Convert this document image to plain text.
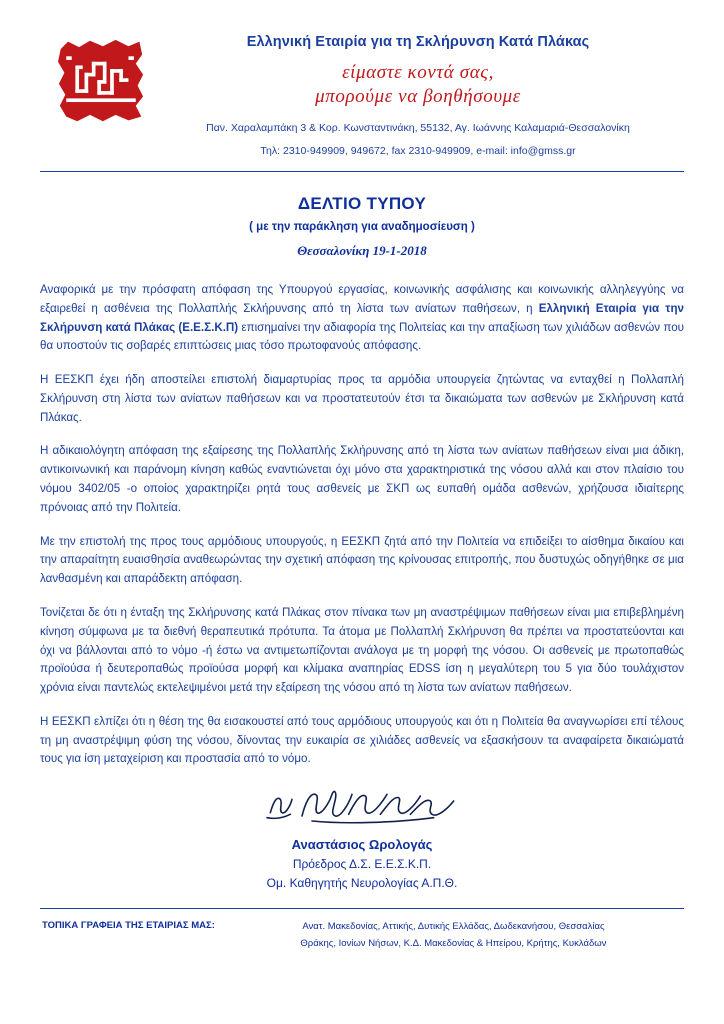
Ελληνική Εταιρία για τη Σκλήρυνση Κατά Πλάκας
είμαστε κοντά σας,
μπορούμε να βοηθήσουμε
Παν. Χαραλαμπάκη 3 & Κορ. Κωνσταντινάκη, 55132, Αγ. Ιωάννης Καλαμαριά-Θεσσαλονίκη
Τηλ: 2310-949909, 949672, fax 2310-949909, e-mail: info@gmss.gr
ΔΕΛΤΙΟ ΤΥΠΟΥ
( με την παράκληση για αναδημοσίευση )
Θεσσαλονίκη 19-1-2018

Αναφορικά με την πρόσφατη απόφαση της Υπουργού εργασίας, κοινωνικής ασφάλισης και κοινωνικής αλληλεγγύης να εξαιρεθεί η ασθένεια της Πολλαπλής Σκλήρυνσης από τη λίστα των ανίατων παθήσεων, η Ελληνική Εταιρία για την Σκλήρυνση κατά Πλάκας (Ε.Ε.Σ.Κ.Π) επισημαίνει την αδιαφορία της Πολιτείας και την απαξίωση των χιλιάδων ασθενών που θα υποστούν τις σοβαρές επιπτώσεις μιας τόσο πρωτοφανούς απόφασης.

Η ΕΕΣΚΠ έχει ήδη αποστείλει επιστολή διαμαρτυρίας προς τα αρμόδια υπουργεία ζητώντας να ενταχθεί η Πολλαπλή Σκλήρυνση στη λίστα των ανίατων παθήσεων και να προστατευτούν έτσι τα δικαιώματα των ασθενών με Σκλήρυνση κατά Πλάκας.

Η αδικαιολόγητη απόφαση της εξαίρεσης της Πολλαπλής Σκλήρυνσης από τη λίστα των ανίατων παθήσεων είναι μια άδικη, αντικοινωνική και παράνομη κίνηση καθώς εναντιώνεται όχι μόνο στα χαρακτηριστικά της νόσου αλλά και στον πλαίσιο του νόμου 3402/05 -ο οποίος χαρακτηρίζει ρητά τους ασθενείς με ΣΚΠ ως ευπαθή ομάδα ασθενών, χρήζουσα ιδιαίτερης πρόνοιας από την Πολιτεία.

Με την επιστολή της προς τους αρμόδιους υπουργούς, η ΕΕΣΚΠ ζητά από την Πολιτεία να επιδείξει το αίσθημα δικαίου και την απαραίτητη ευαισθησία αναθεωρώντας την σχετική απόφαση της κρίνουσας επιτροπής, που δυστυχώς οδηγήθηκε σε μια λανθασμένη και απαράδεκτη απόφαση.

Τονίζεται δε ότι η ένταξη της Σκλήρυνσης κατά Πλάκας στον πίνακα των μη αναστρέψιμων παθήσεων είναι μια επιβεβλημένη κίνηση σύμφωνα με τα διεθνή θεραπευτικά πρότυπα. Τα άτομα με Πολλαπλή Σκλήρυνση θα πρέπει να προστατεύονται και όχι να βάλλονται από το νόμο -ή έστω να αντιμετωπίζονται ανάλογα με τη μορφή της νόσου. Οι ασθενείς με πρωτοπαθώς προϊούσα ή δευτεροπαθώς προϊούσα μορφή και κλίμακα αναπηρίας EDSS ίση η μεγαλύτερη του 5 για δύο τουλάχιστον χρόνια είναι παντελώς εκτελεψιμένοι μετά την εξαίρεση της νόσου από τη λίστα των ανίατων παθήσεων.

Η ΕΕΣΚΠ ελπίζει ότι η θέση της θα εισακουστεί από τους αρμόδιους υπουργούς και ότι η Πολιτεία θα αναγνωρίσει επί τέλους τη μη αναστρέψιμη φύση της νόσου, δίνοντας την ευκαιρία σε χιλιάδες ασθενείς να εξασκήσουν τα αναφαίρετα δικαιώματά τους για ίση μεταχείριση και προστασία από το νόμο.

Αναστάσιος Ωρολογάς
Πρόεδρος Δ.Σ. Ε.Ε.Σ.Κ.Π.
Ομ. Καθηγητής Νευρολογίας Α.Π.Θ.
ΤΟΠΙΚΑ ΓΡΑΦΕΙΑ ΤΗΣ ΕΤΑΙΡΙΑΣ ΜΑΣ:	Ανατ. Μακεδονίας, Αττικής, Δυτικής Ελλάδας, Δωδεκανήσου, Θεσσαλίας
Θράκης, Ιονίων Νήσων, Κ.Δ. Μακεδονίας & Ηπείρου, Κρήτης, Κυκλάδων
